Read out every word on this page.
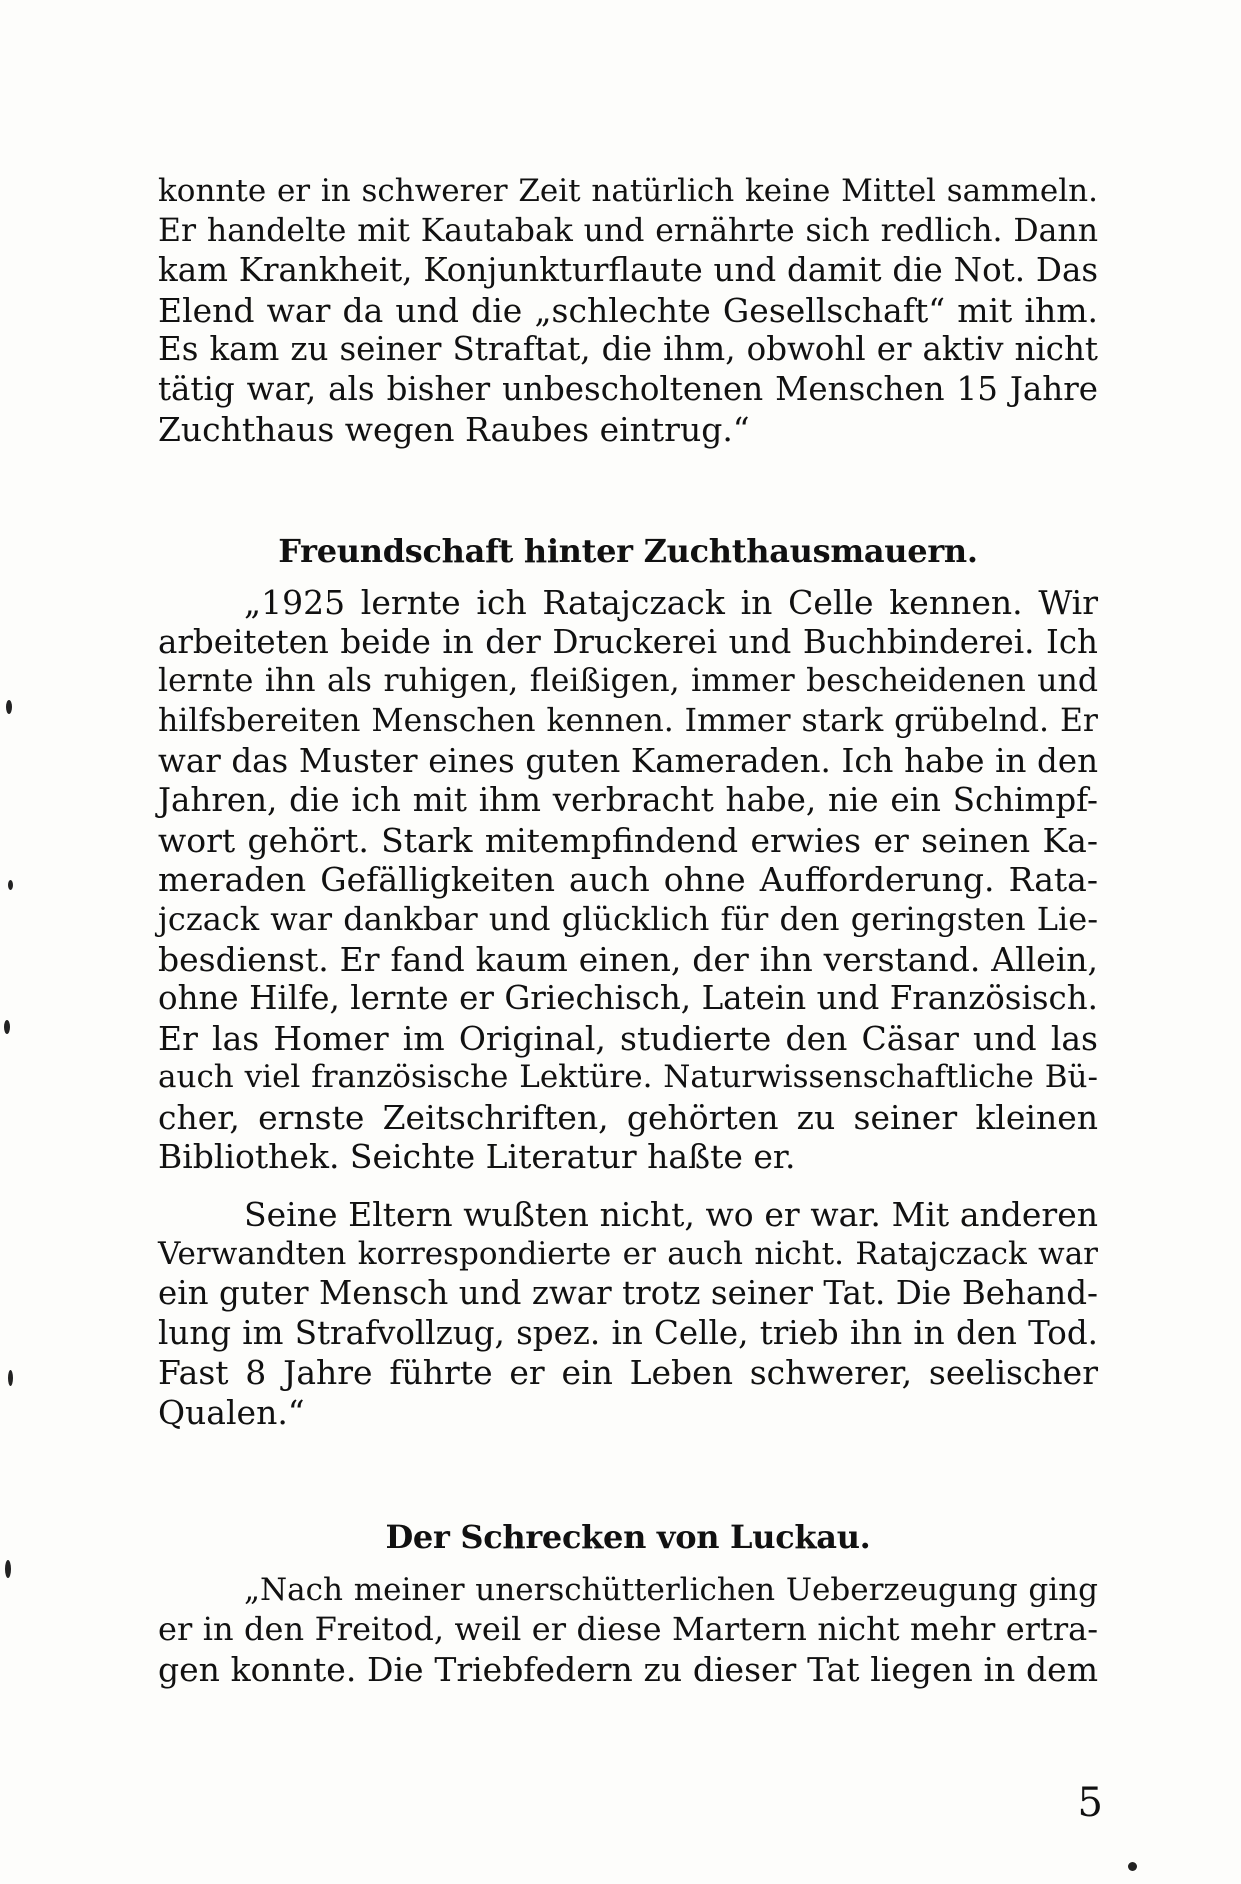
konnte er in schwerer Zeit natürlich keine Mittel sammeln.
Er handelte mit Kautabak und ernährte sich redlich. Dann
kam Krankheit, Konjunkturflaute und damit die Not. Das
Elend war da und die „schlechte Gesellschaft“ mit ihm.
Es kam zu seiner Straftat, die ihm, obwohl er aktiv nicht
tätig war, als bisher unbescholtenen Menschen 15 Jahre
Zuchthaus wegen Raubes eintrug.“
Freundschaft hinter Zuchthausmauern.
„1925 lernte ich Ratajczack in Celle kennen. Wir
arbeiteten beide in der Druckerei und Buchbinderei. Ich
lernte ihn als ruhigen, fleißigen, immer bescheidenen und
hilfsbereiten Menschen kennen. Immer stark grübelnd. Er
war das Muster eines guten Kameraden. Ich habe in den
Jahren, die ich mit ihm verbracht habe, nie ein Schimpf-
wort gehört. Stark mitempfindend erwies er seinen Ka-
meraden Gefälligkeiten auch ohne Aufforderung. Rata-
jczack war dankbar und glücklich für den geringsten Lie-
besdienst. Er fand kaum einen, der ihn verstand. Allein,
ohne Hilfe, lernte er Griechisch, Latein und Französisch.
Er las Homer im Original, studierte den Cäsar und las
auch viel französische Lektüre. Naturwissenschaftliche Bü-
cher, ernste Zeitschriften, gehörten zu seiner kleinen
Bibliothek. Seichte Literatur haßte er.
Seine Eltern wußten nicht, wo er war. Mit anderen
Verwandten korrespondierte er auch nicht. Ratajczack war
ein guter Mensch und zwar trotz seiner Tat. Die Behand-
lung im Strafvollzug, spez. in Celle, trieb ihn in den Tod.
Fast 8 Jahre führte er ein Leben schwerer, seelischer
Qualen.“
Der Schrecken von Luckau.
„Nach meiner unerschütterlichen Ueberzeugung ging
er in den Freitod, weil er diese Martern nicht mehr ertra-
gen konnte. Die Triebfedern zu dieser Tat liegen in dem
5
